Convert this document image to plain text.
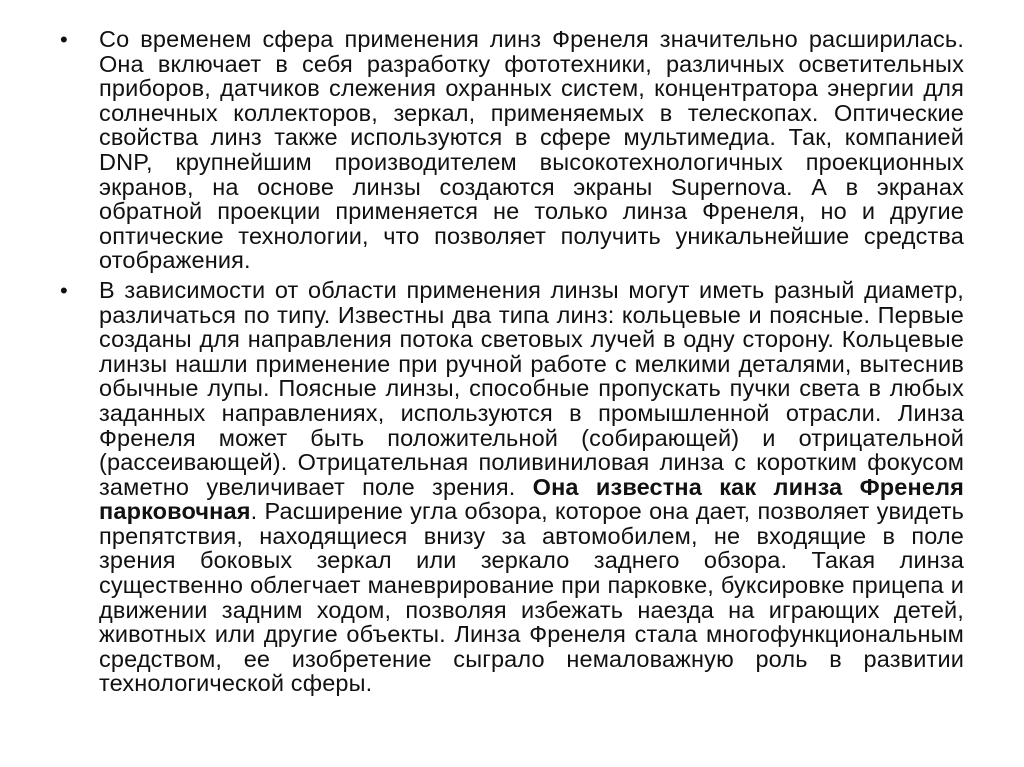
• Со временем сфера применения линз Френеля значительно расширилась. Она включает в себя разработку фототехники, различных осветительных приборов, датчиков слежения охранных систем, концентратора энергии для солнечных коллекторов, зеркал, применяемых в телескопах. Оптические свойства линз также используются в сфере мультимедиа. Так, компанией DNP, крупнейшим производителем высокотехнологичных проекционных экранов, на основе линзы создаются экраны Supernova. А в экранах обратной проекции применяется не только линза Френеля, но и другие оптические технологии, что позволяет получить уникальнейшие средства отображения.
• В зависимости от области применения линзы могут иметь разный диаметр, различаться по типу. Известны два типа линз: кольцевые и поясные. Первые созданы для направления потока световых лучей в одну сторону. Кольцевые линзы нашли применение при ручной работе с мелкими деталями, вытеснив обычные лупы. Поясные линзы, способные пропускать пучки света в любых заданных направлениях, используются в промышленной отрасли. Линза Френеля может быть положительной (собирающей) и отрицательной (рассеивающей). Отрицательная поливиниловая линза с коротким фокусом заметно увеличивает поле зрения. Она известна как линза Френеля парковочная. Расширение угла обзора, которое она дает, позволяет увидеть препятствия, находящиеся внизу за автомобилем, не входящие в поле зрения боковых зеркал или зеркало заднего обзора. Такая линза существенно облегчает маневрирование при парковке, буксировке прицепа и движении задним ходом, позволяя избежать наезда на играющих детей, животных или другие объекты. Линза Френеля стала многофункциональным средством, ее изобретение сыграло немаловажную роль в развитии технологической сферы.
